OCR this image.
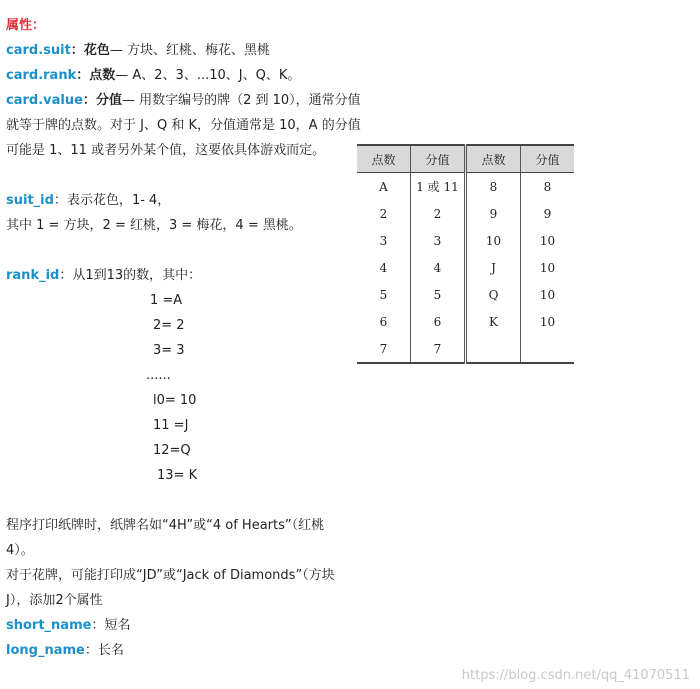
属性：
card.suit：花色— 方块、红桃、梅花、黑桃
card.rank：点数— A、2、3、...10、J、Q、K。
card.value：分值— 用数字编号的牌（2 到 10），通常分值
就等于牌的点数。对于 J、Q 和 K，分值通常是 10，A 的分值
可能是 1、11 或者另外某个值，这要依具体游戏而定。
suit_id：表示花色，1- 4，
其中 1 = 方块，2 = 红桃，3 = 梅花，4 = 黑桃。
rank_id：从1到13的数，其中：
1 =A
2= 2
3= 3
......
l0= 10
11 =J
12=Q
13= K
程序打印纸牌时，纸牌名如“4H”或“4 of Hearts”（红桃
4）。
对于花牌，可能打印成“JD”或“Jack of Diamonds”（方块
J），添加2个属性
short_name：短名
long_name：长名
点数	分值	点数	分值
A	1 或 11	8	8
2	2	9	9
3	3	10	10
4	4	J	10
5	5	Q	10
6	6	K	10
7	7		
https://blog.csdn.net/qq_41070511
